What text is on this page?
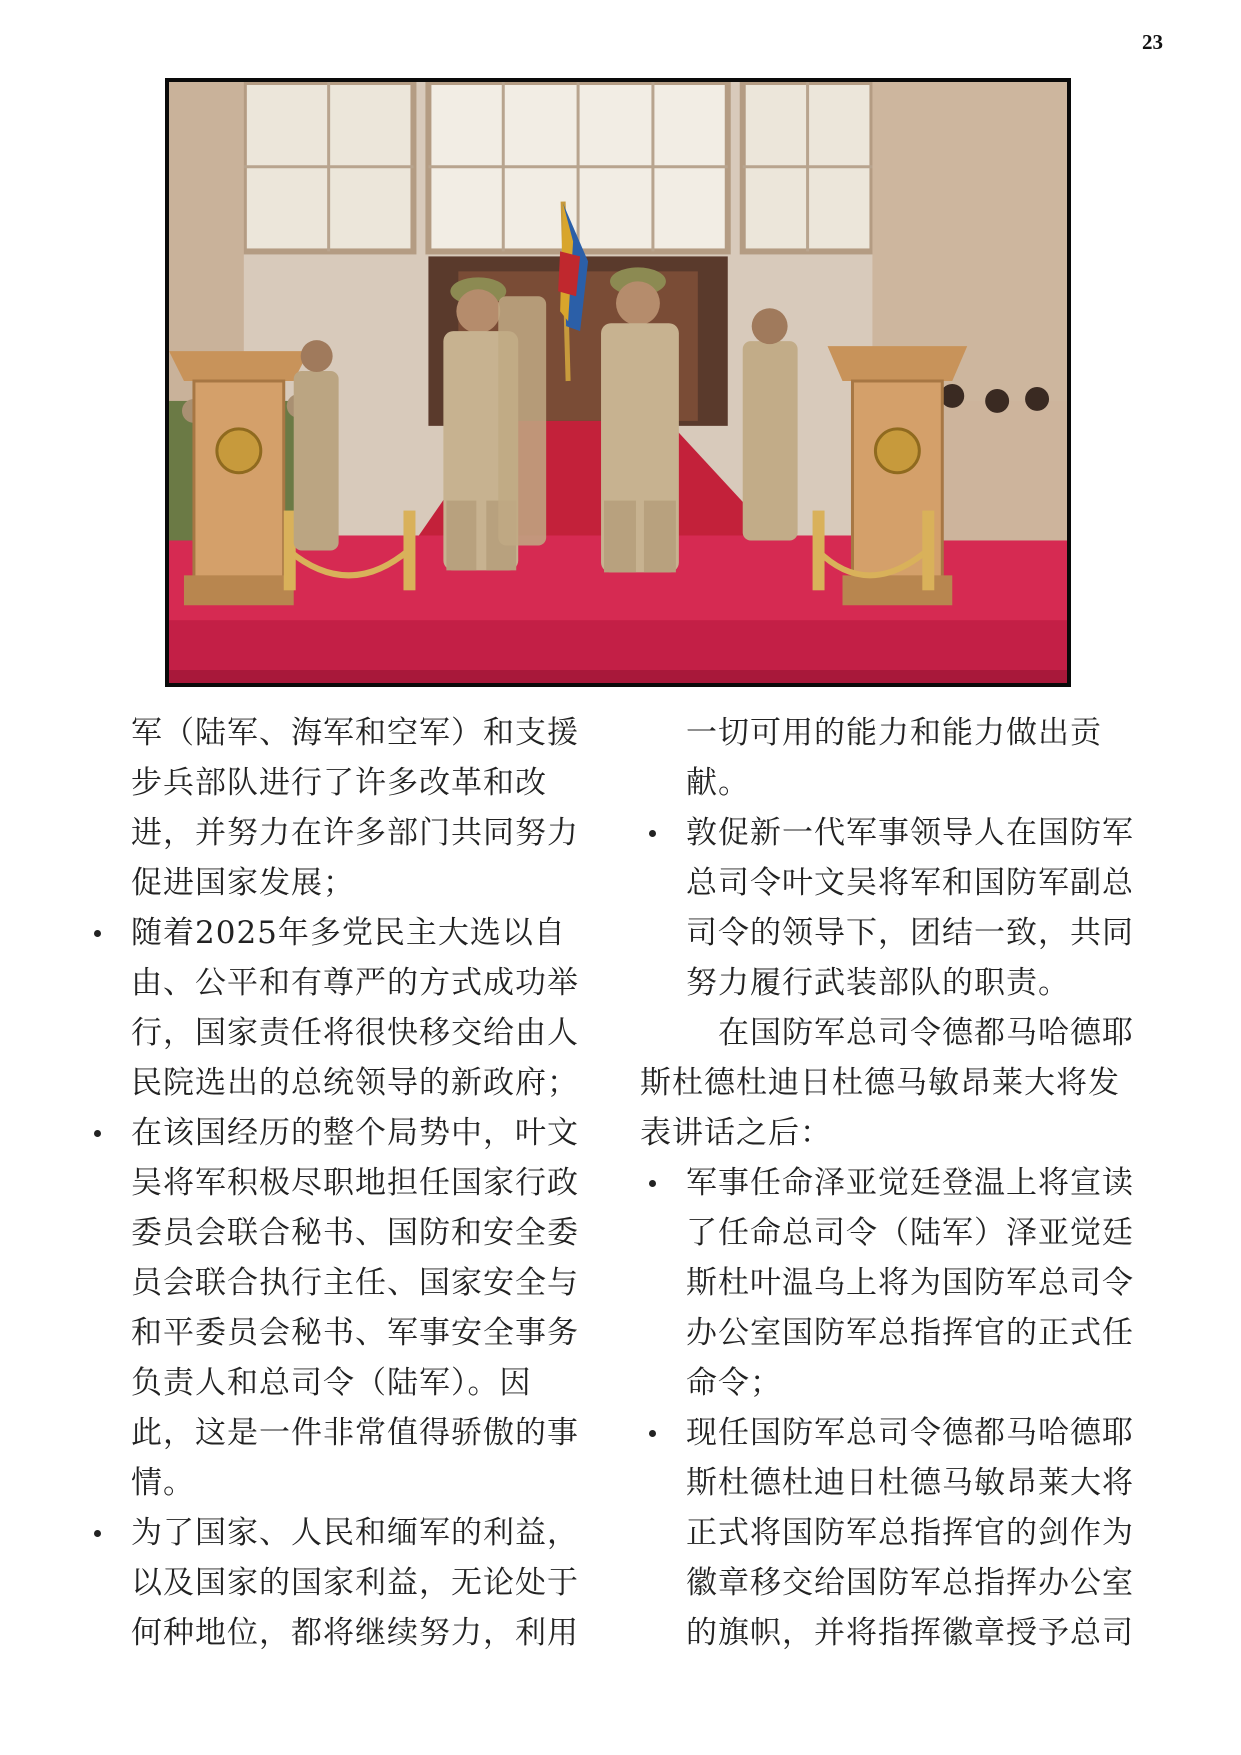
23

军（陆军、海军和空军）和支援步兵部队进行了许多改革和改进，并努力在许多部门共同努力促进国家发展；

随着2025年多党民主大选以自由、公平和有尊严的方式成功举行，国家责任将很快移交给由人民院选出的总统领导的新政府；
在该国经历的整个局势中，叶文吴将军积极尽职地担任国家行政委员会联合秘书、国防和安全委员会联合执行主任、国家安全与和平委员会秘书、军事安全事务负责人和总司令（陆军）。因此，这是一件非常值得骄傲的事情。
为了国家、人民和缅军的利益，以及国家的国家利益，无论处于何种地位，都将继续努力，利用

一切可用的能力和能力做出贡献。

敦促新一代军事领导人在国防军总司令叶文吴将军和国防军副总司令的领导下，团结一致，共同努力履行武装部队的职责。

在国防军总司令德都马哈德耶斯杜德杜迪日杜德马敏昂莱大将发表讲话之后：

军事任命泽亚觉廷登温上将宣读了任命总司令（陆军）泽亚觉廷斯杜叶温乌上将为国防军总司令办公室国防军总指挥官的正式任命令；
现任国防军总司令德都马哈德耶斯杜德杜迪日杜德马敏昂莱大将正式将国防军总指挥官的剑作为徽章移交给国防军总指挥办公室的旗帜，并将指挥徽章授予总司
